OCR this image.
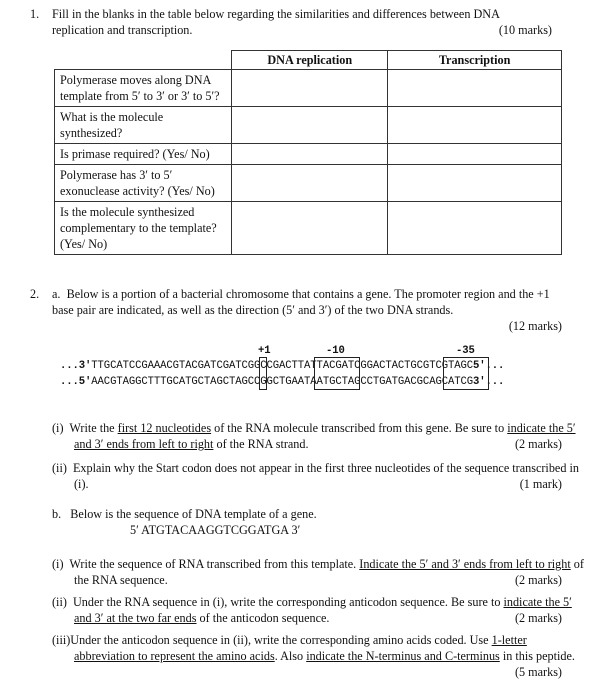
1. Fill in the blanks in the table below regarding the similarities and differences between DNA replication and transcription.	(10 marks)
	DNA replication	Transcription
Polymerase moves along DNA template from 5′ to 3′ or 3′ to 5′?		
What is the molecule synthesized?		
Is primase required? (Yes/ No)		
Polymerase has 3′ to 5′ exonuclease activity? (Yes/ No)		
Is the molecule synthesized complementary to the template? (Yes/ No)		
2. a. Below is a portion of a bacterial chromosome that contains a gene. The promoter region and the +1 base pair are indicated, as well as the direction (5′ and 3′) of the two DNA strands.
(12 marks)
+1	-10	-35
...3′TTGCATCCGAAACGTACGATCGATCGGCCGACTTATTACGATCGGACTACTGCGTCGTAGC5′...
...5′AACGTAGGCTTTGCATGCTAGCTAGCCGGCTGAATAATGCTAGCCTGATGACGCAGCATCG3′...
(i) Write the first 12 nucleotides of the RNA molecule transcribed from this gene. Be sure to indicate the 5′ and 3′ ends from left to right of the RNA strand.	(2 marks)
(ii) Explain why the Start codon does not appear in the first three nucleotides of the sequence transcribed in (i).	(1 mark)
b. Below is the sequence of DNA template of a gene.
5′ ATGTACAAGGTCGGATGA 3′
(i) Write the sequence of RNA transcribed from this template. Indicate the 5′ and 3′ ends from left to right of the RNA sequence.	(2 marks)
(ii) Under the RNA sequence in (i), write the corresponding anticodon sequence. Be sure to indicate the 5′ and 3′ at the two far ends of the anticodon sequence.	(2 marks)
(iii)Under the anticodon sequence in (ii), write the corresponding amino acids coded. Use 1-letter abbreviation to represent the amino acids. Also indicate the N-terminus and C-terminus in this peptide.
(5 marks)
